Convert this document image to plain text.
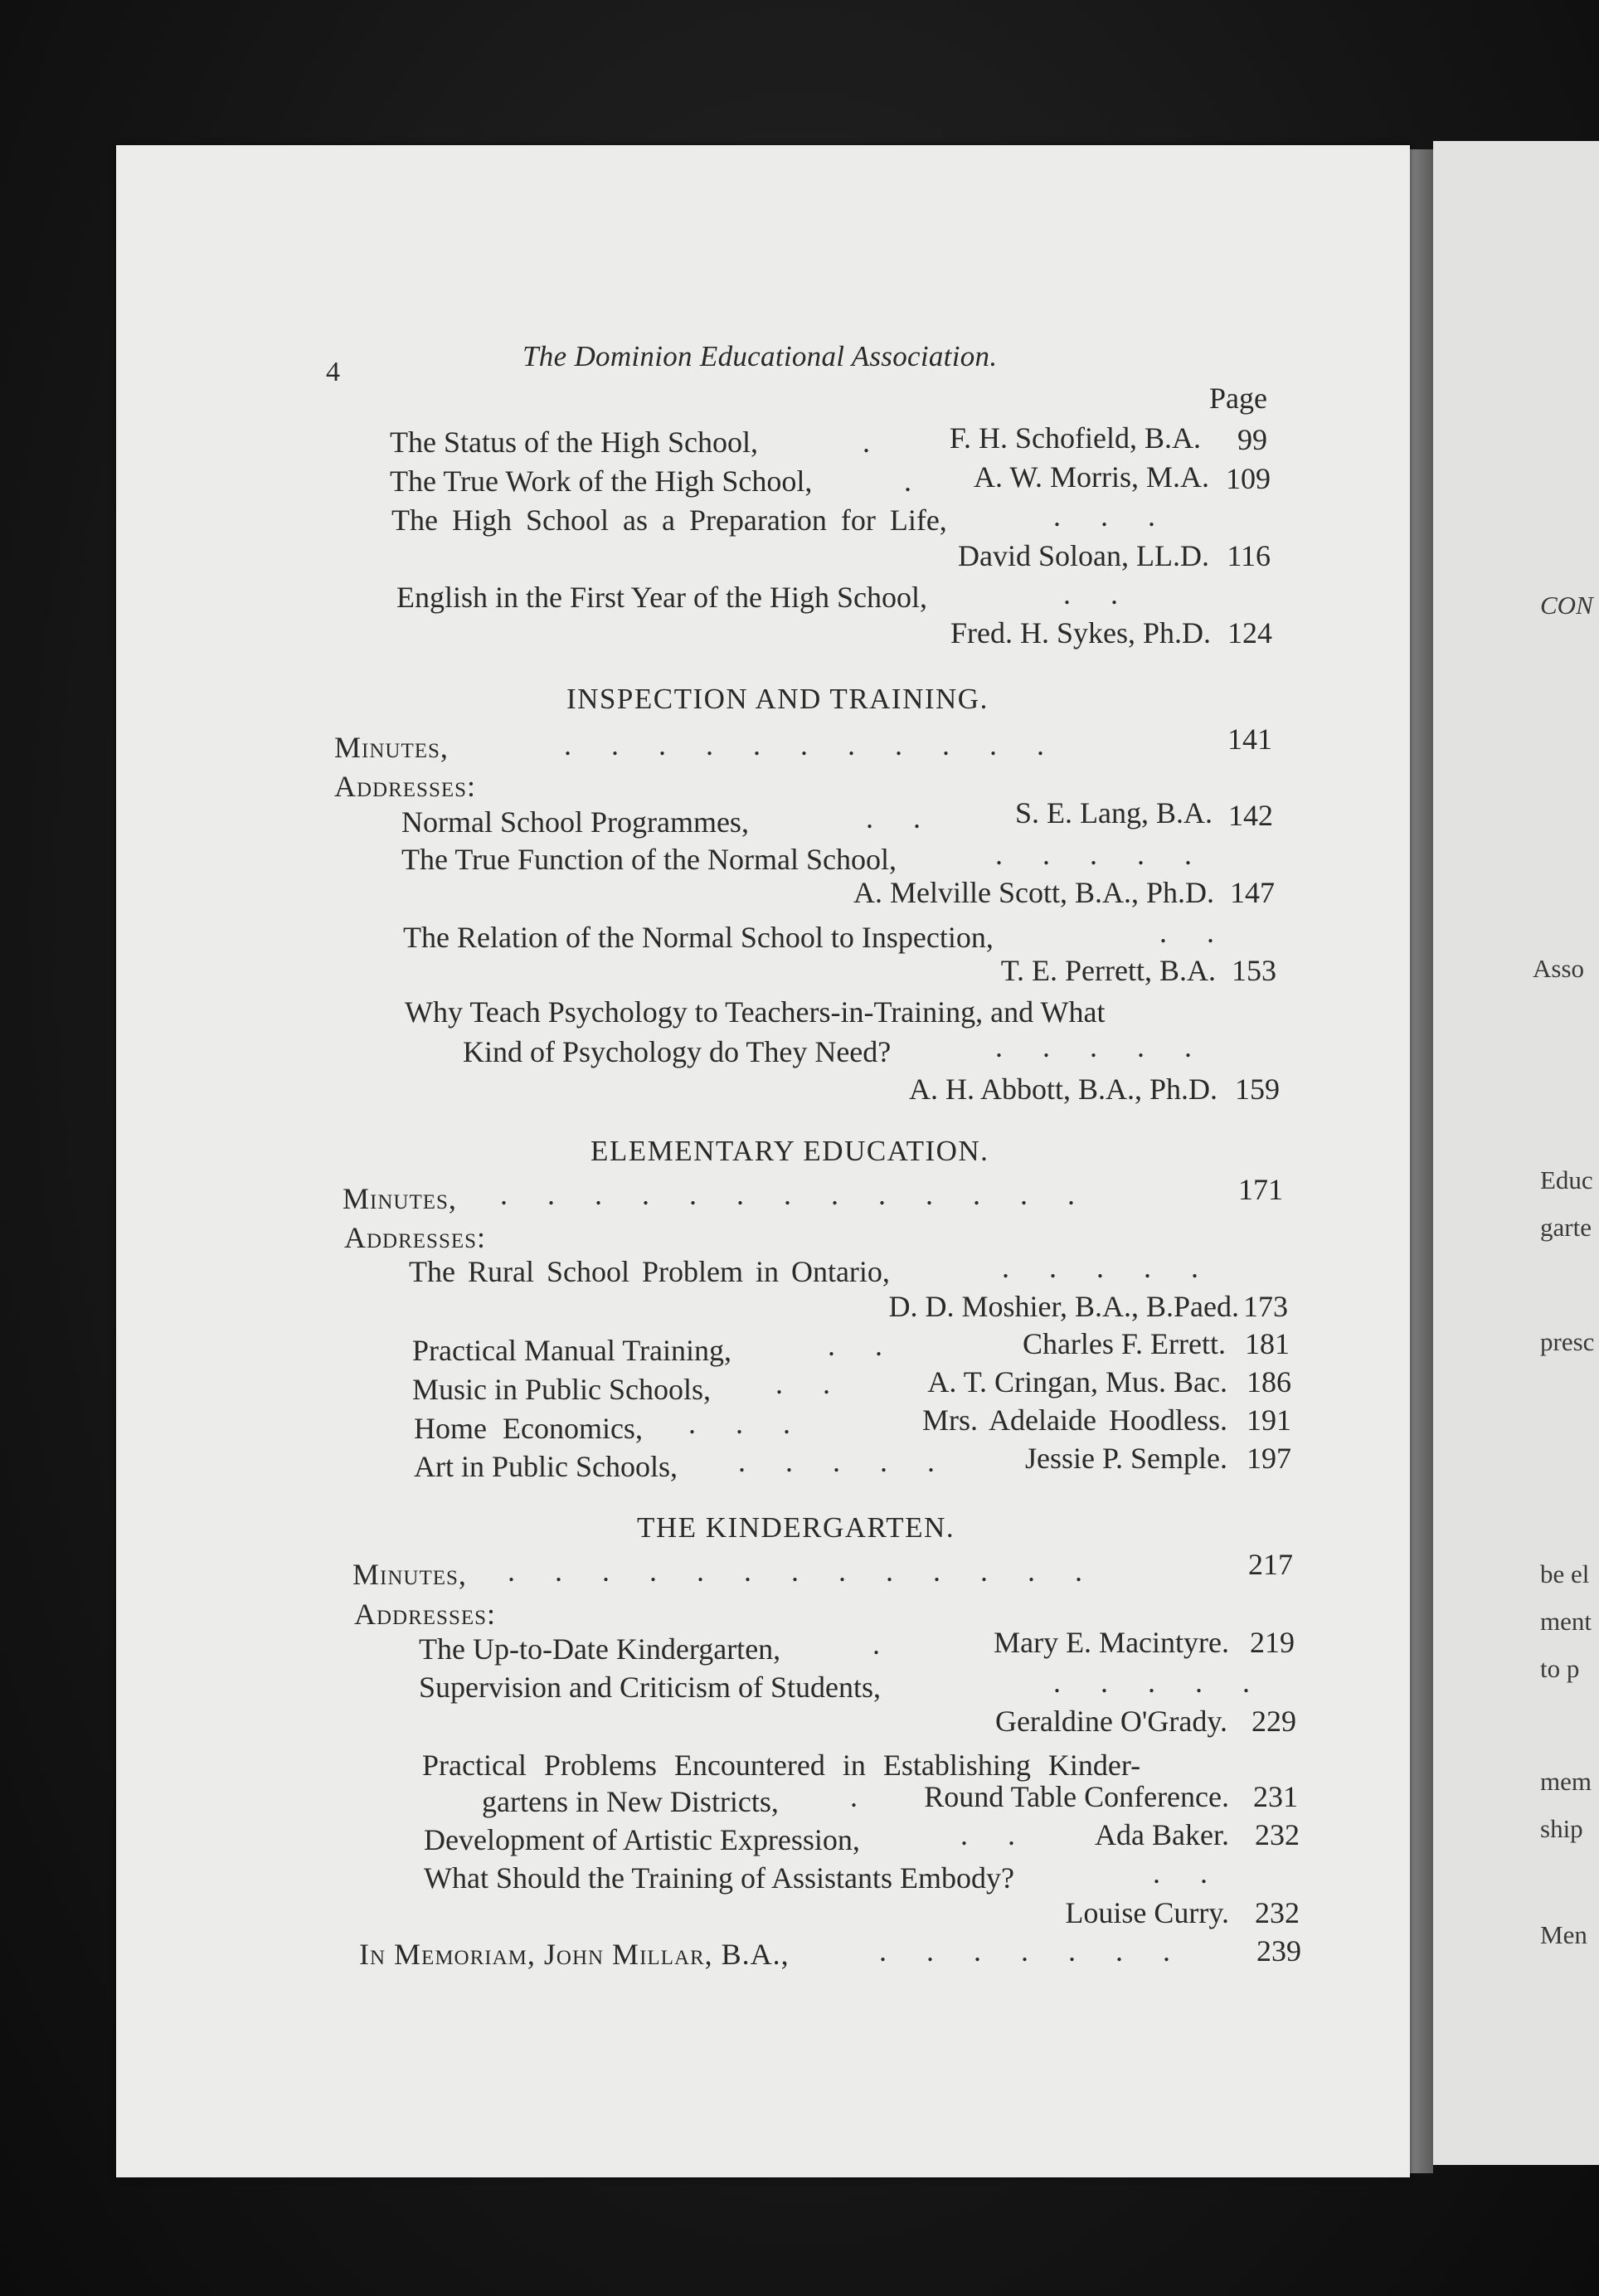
CON
Asso
Educ
garte
presc
be el
ment
to p
mem
ship
Men
4	The Dominion Educational Association.
Page
The Status of the High School,	.	F. H. Schofield, B.A. 99
The True Work of the High School,	. A. W. Morris, M.A. 109
The High School as a Preparation for Life,	...
David Soloan, LL.D. 116
English in the First Year of the High School,	..
Fred. H. Sykes, Ph.D. 124
INSPECTION AND TRAINING.
Minutes,	...........	141
Addresses:
Normal School Programmes,	.. S. E. Lang, B.A. 142
The True Function of the Normal School,	.....
A. Melville Scott, B.A., Ph.D. 147
The Relation of the Normal School to Inspection,	..
T. E. Perrett, B.A. 153
Why Teach Psychology to Teachers-in-Training, and What
Kind of Psychology do They Need?	.....
A. H. Abbott, B.A., Ph.D. 159
ELEMENTARY EDUCATION.
Minutes, .............	171
Addresses:
The Rural School Problem in Ontario,	.....
D. D. Moshier, B.A., B.Paed. 173
Practical Manual Training,	..	Charles F. Errett. 181
Music in Public Schools, .. A. T. Cringan, Mus. Bac. 186
Home Economics, ...	Mrs. Adelaide Hoodless. 191
Art in Public Schools, ..... Jessie P. Semple. 197
THE KINDERGARTEN.
Minutes, .............	217
Addresses:
The Up-to-Date Kindergarten,	. Mary E. Macintyre. 219
Supervision and Criticism of Students,	.....
Geraldine O'Grady. 229
Practical Problems Encountered in Establishing Kinder-
gartens in New Districts, . Round Table Conference. 231
Development of Artistic Expression,	.. Ada Baker. 232
What Should the Training of Assistants Embody?	..
Louise Curry. 232
In Memoriam, John Millar, B.A.,	....... 239
